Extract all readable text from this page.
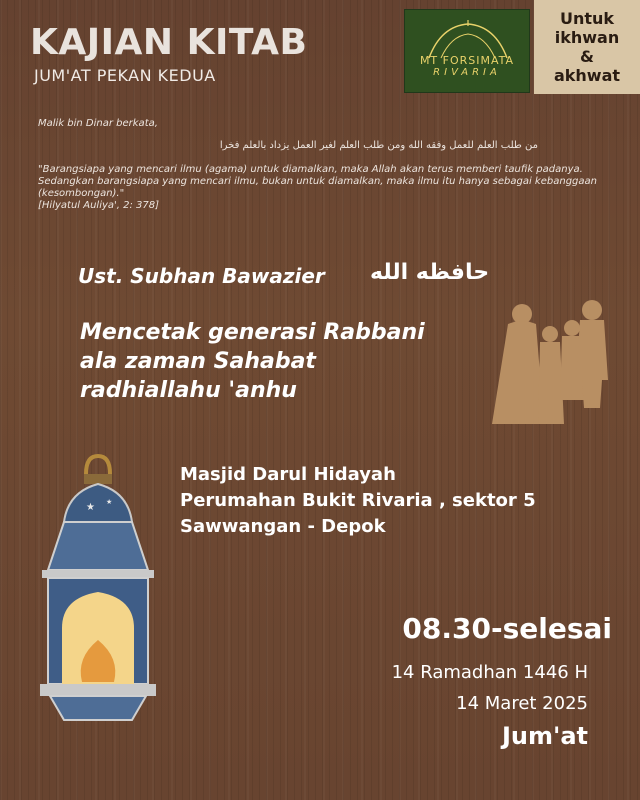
KAJIAN KITAB
JUM'AT PEKAN KEDUA
MT FORSIMATA
RIVARIA
Untuk
ikhwan
&
akhwat
Malik bin Dinar berkata,
من طلب العلم للعمل وفقه الله ومن طلب العلم لغير العمل يزداد بالعلم فخرا
"Barangsiapa yang mencari ilmu (agama) untuk diamalkan, maka Allah akan terus memberi taufik padanya. Sedangkan barangsiapa yang mencari ilmu, bukan untuk diamalkan, maka ilmu itu hanya sebagai kebanggaan (kesombongan)."
[Hilyatul Auliya', 2: 378]
Ust. Subhan Bawazier حافظه الله
Mencetak generasi Rabbani
ala zaman Sahabat
radhiallahu 'anhu
Masjid Darul Hidayah
Perumahan Bukit Rivaria , sektor 5
Sawwangan - Depok
★ ★
08.30-selesai
14 Ramadhan 1446 H
14 Maret 2025
Jum'at
